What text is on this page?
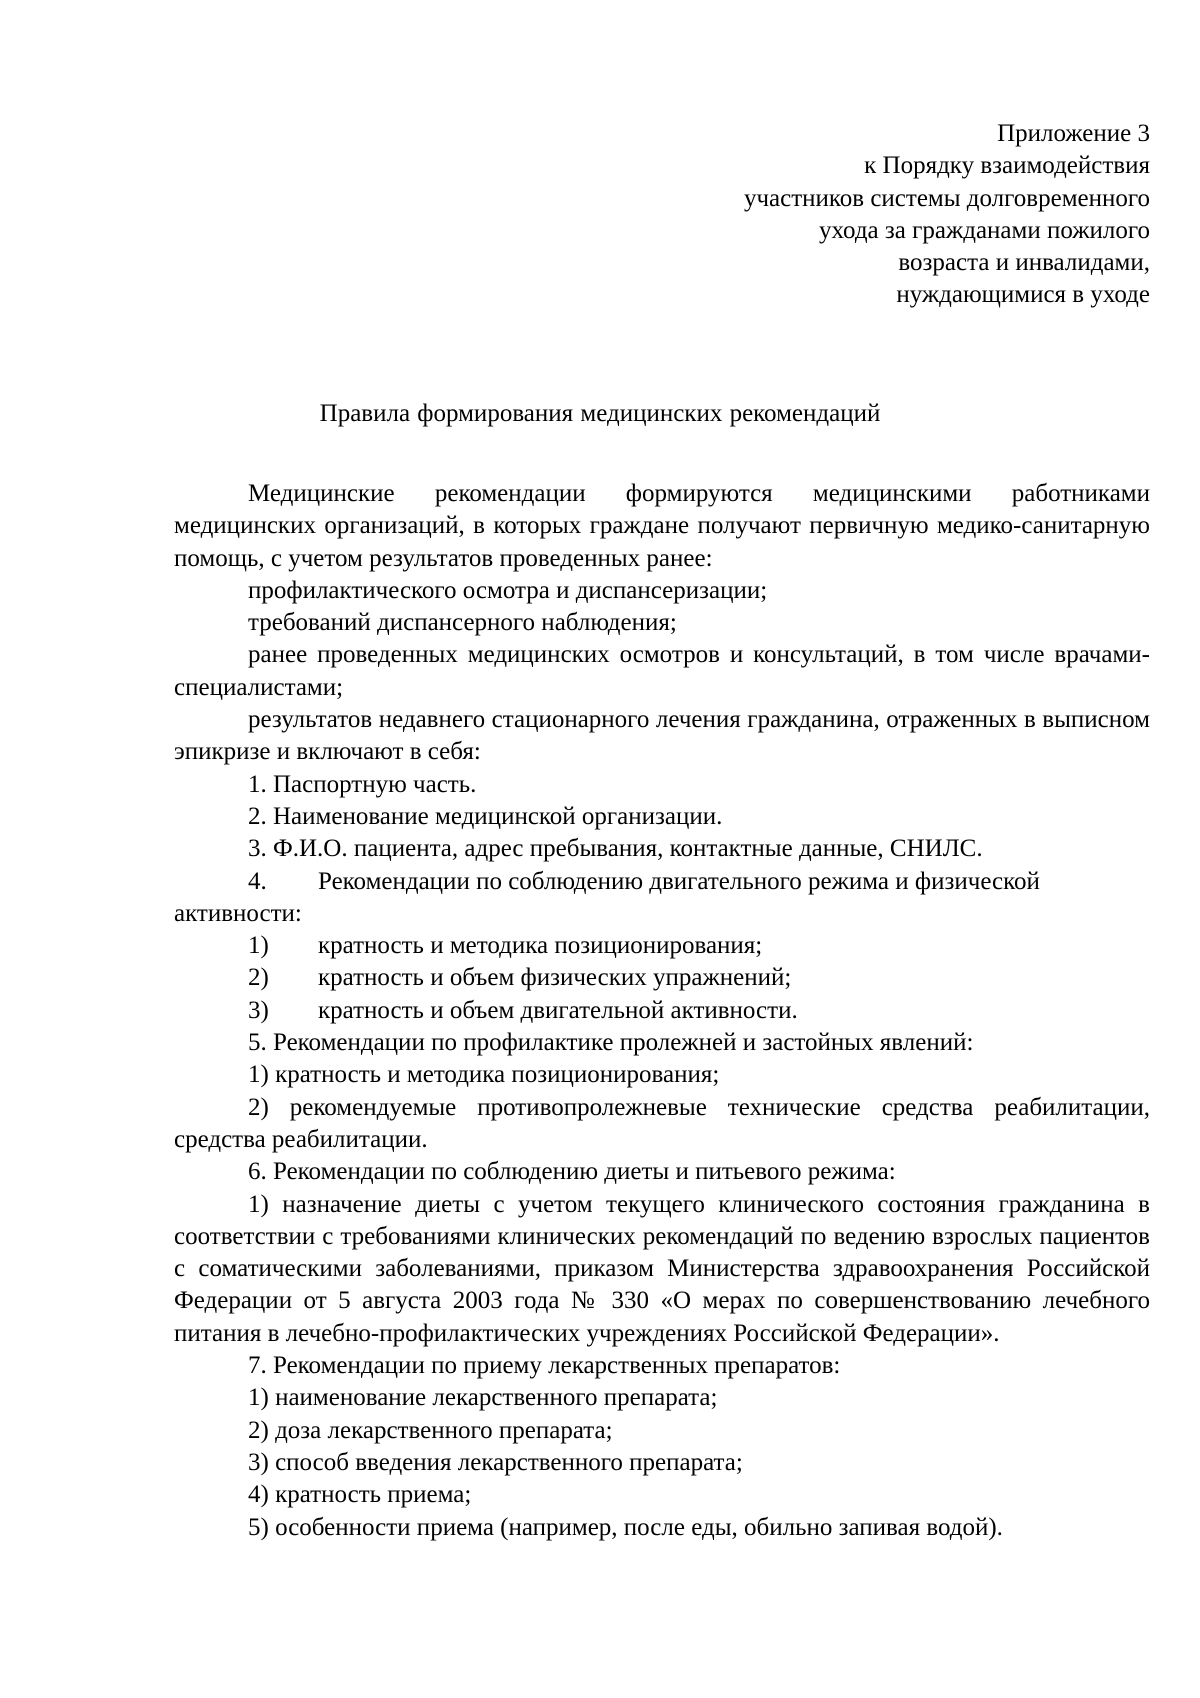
Приложение 3
к Порядку взаимодействия
участников системы долговременного
ухода за гражданами пожилого
возраста и инвалидами,
нуждающимися в уходе
Правила формирования медицинских рекомендаций

Медицинские рекомендации формируются медицинскими работниками медицинских организаций, в которых граждане получают первичную медико-санитарную помощь, с учетом результатов проведенных ранее:

профилактического осмотра и диспансеризации;

требований диспансерного наблюдения;

ранее проведенных медицинских осмотров и консультаций, в том числе врачами-специалистами;

результатов недавнего стационарного лечения гражданина, отраженных в выписном эпикризе и включают в себя:

1. Паспортную часть.

2. Наименование медицинской организации.

3. Ф.И.О. пациента, адрес пребывания, контактные данные, СНИЛС.

4. Рекомендации по соблюдению двигательного режима и физической

активности:

1) кратность и методика позиционирования;

2) кратность и объем физических упражнений;

3) кратность и объем двигательной активности.

5. Рекомендации по профилактике пролежней и застойных явлений:

1) кратность и методика позиционирования;

2) рекомендуемые противопролежневые технические средства реабилитации, средства реабилитации.

6. Рекомендации по соблюдению диеты и питьевого режима:

1) назначение диеты с учетом текущего клинического состояния гражданина в соответствии с требованиями клинических рекомендаций по ведению взрослых пациентов с соматическими заболеваниями, приказом Министерства здравоохранения Российской Федерации от 5 августа 2003 года № 330 «О мерах по совершенствованию лечебного питания в лечебно-профилактических учреждениях Российской Федерации».

7. Рекомендации по приему лекарственных препаратов:

1) наименование лекарственного препарата;

2) доза лекарственного препарата;

3) способ введения лекарственного препарата;

4) кратность приема;

5) особенности приема (например, после еды, обильно запивая водой).
